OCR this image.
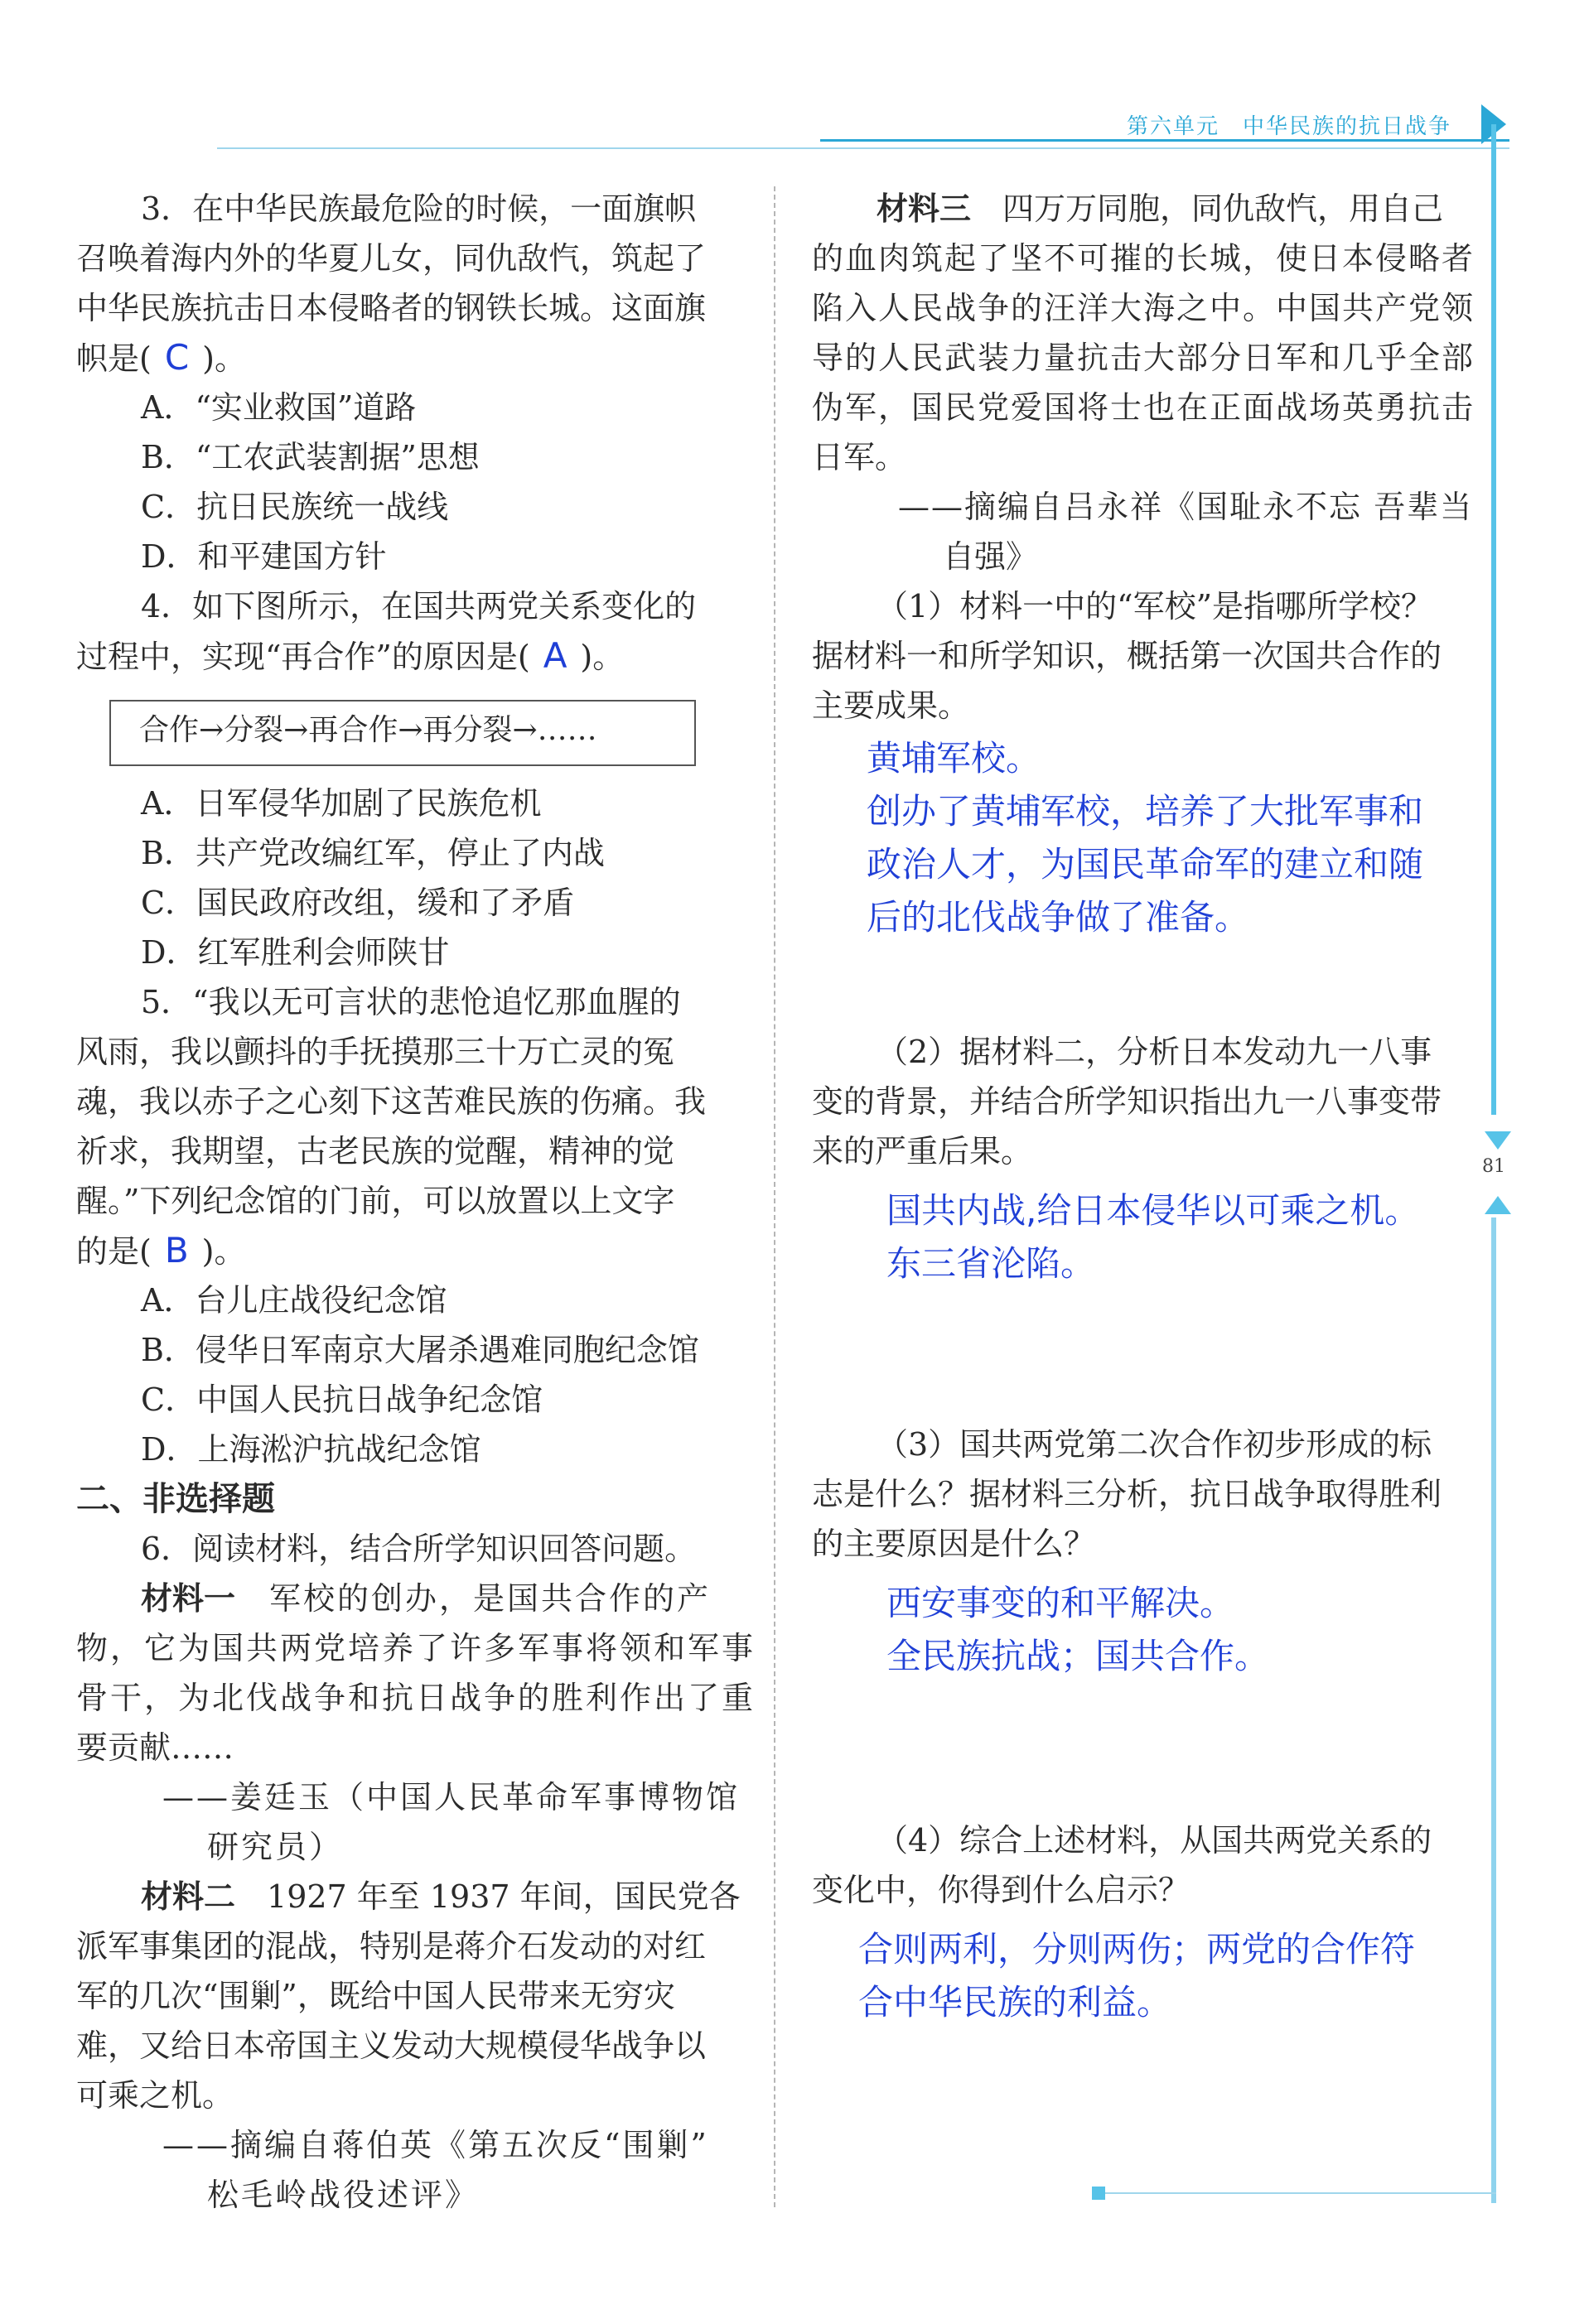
第六单元　中华民族的抗日战争
81
3．在中华民族最危险的时候，一面旗帜
召唤着海内外的华夏儿女，同仇敌忾，筑起了
中华民族抗击日本侵略者的钢铁长城。这面旗
帜是( C )。
A．“实业救国”道路
B．“工农武装割据”思想
C．抗日民族统一战线
D．和平建国方针
4．如下图所示，在国共两党关系变化的
过程中，实现“再合作”的原因是( A )。
合作→分裂→再合作→再分裂→……
A．日军侵华加剧了民族危机
B．共产党改编红军，停止了内战
C．国民政府改组，缓和了矛盾
D．红军胜利会师陕甘
5．“我以无可言状的悲怆追忆那血腥的
风雨，我以颤抖的手抚摸那三十万亡灵的冤
魂，我以赤子之心刻下这苦难民族的伤痛。我
祈求，我期望，古老民族的觉醒，精神的觉
醒。”下列纪念馆的门前，可以放置以上文字
的是( B )。
A．台儿庄战役纪念馆
B．侵华日军南京大屠杀遇难同胞纪念馆
C．中国人民抗日战争纪念馆
D．上海淞沪抗战纪念馆
二、非选择题
6．阅读材料，结合所学知识回答问题。
材料一　军校的创办，是国共合作的产
物，它为国共两党培养了许多军事将领和军事
骨干，为北伐战争和抗日战争的胜利作出了重
要贡献……
——姜廷玉（中国人民革命军事博物馆
研究员）
材料二　1927 年至 1937 年间，国民党各
派军事集团的混战，特别是蒋介石发动的对红
军的几次“围剿”，既给中国人民带来无穷灾
难，又给日本帝国主义发动大规模侵华战争以
可乘之机。
——摘编自蒋伯英《第五次反“围剿”
松毛岭战役述评》
材料三　四万万同胞，同仇敌忾，用自己
的血肉筑起了坚不可摧的长城，使日本侵略者
陷入人民战争的汪洋大海之中。中国共产党领
导的人民武装力量抗击大部分日军和几乎全部
伪军，国民党爱国将士也在正面战场英勇抗击
日军。
——摘编自吕永祥《国耻永不忘 吾辈当
自强》
（1）材料一中的“军校”是指哪所学校？
据材料一和所学知识，概括第一次国共合作的
主要成果。
黄埔军校。
创办了黄埔军校，培养了大批军事和
政治人才，为国民革命军的建立和随
后的北伐战争做了准备。
（2）据材料二，分析日本发动九一八事
变的背景，并结合所学知识指出九一八事变带
来的严重后果。
国共内战,给日本侵华以可乘之机。
东三省沦陷。
（3）国共两党第二次合作初步形成的标
志是什么？据材料三分析，抗日战争取得胜利
的主要原因是什么？
西安事变的和平解决。
全民族抗战；国共合作。
（4）综合上述材料，从国共两党关系的
变化中，你得到什么启示？
合则两利，分则两伤；两党的合作符
合中华民族的利益。
